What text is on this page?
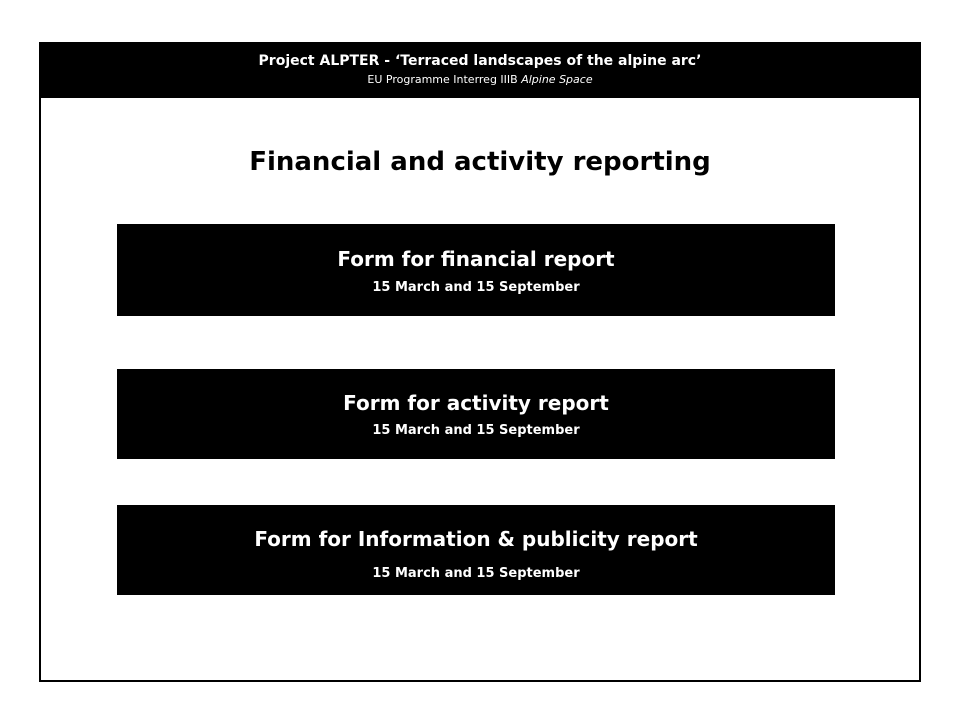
Project ALPTER - ‘Terraced landscapes of the alpine arc’
EU Programme Interreg IIIB Alpine Space
Financial and activity reporting
Form for financial report
15 March and 15 September
Form for activity report
15 March and 15 September
Form for Information & publicity report
15 March and 15 September
